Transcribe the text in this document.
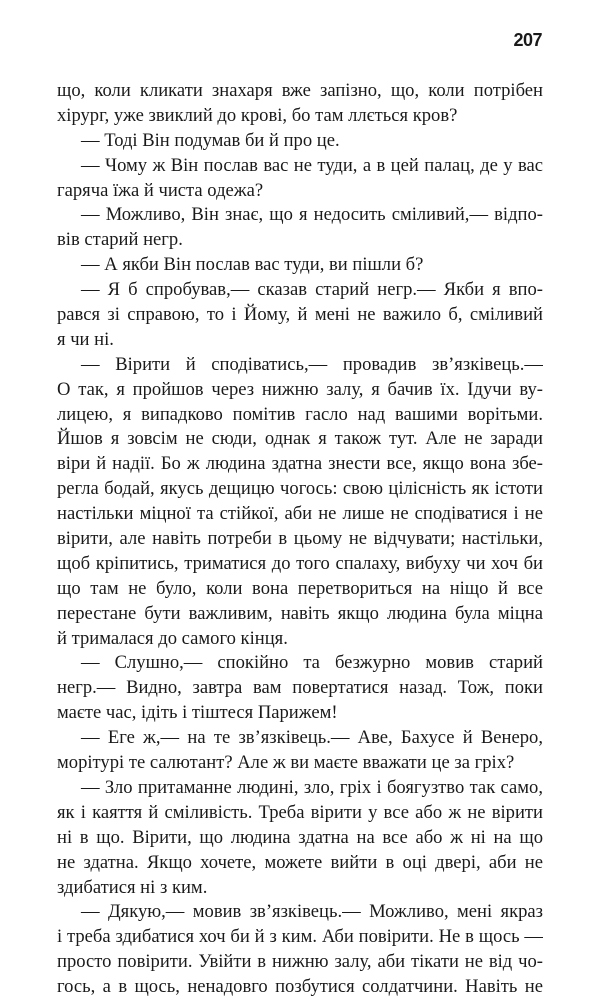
207
що, коли кликати знахаря вже запізно, що, коли потрібен
хірург, уже звиклий до крові, бо там ллється кров?
— Тоді Він подумав би й про це.
— Чому ж Він послав вас не туди, а в цей палац, де у вас
гаряча їжа й чиста одежа?
— Можливо, Він знає, що я недосить сміливий,— відпо-
вів старий негр.
— А якби Він послав вас туди, ви пішли б?
— Я б спробував,— сказав старий негр.— Якби я впо-
рався зі справою, то і Йому, й мені не важило б, сміливий
я чи ні.
— Вірити й сподіватись,— провадив зв’язківець.—
О так, я пройшов через нижню залу, я бачив їх. Ідучи ву-
лицею, я випадково помітив гасло над вашими ворітьми.
Йшов я зовсім не сюди, однак я також тут. Але не заради
віри й надії. Бо ж людина здатна знести все, якщо вона збе-
регла бодай, якусь дещицю чогось: свою цілісність як істоти
настільки міцної та стійкої, аби не лише не сподіватися і не
вірити, але навіть потреби в цьому не відчувати; настільки,
щоб кріпитись, триматися до того спалаху, вибуху чи хоч би
що там не було, коли вона перетвориться на ніщо й все
перестане бути важливим, навіть якщо людина була міцна
й трималася до самого кінця.
— Слушно,— спокійно та безжурно мовив старий
негр.— Видно, завтра вам повертатися назад. Тож, поки
маєте час, ідіть і тіштеся Парижем!
— Еге ж,— на те зв’язківець.— Аве, Бахусе й Венеро,
морітурі те салютант? Але ж ви маєте вважати це за гріх?
— Зло притаманне людині, зло, гріх і боягузтво так само,
як і каяття й сміливість. Треба вірити у все або ж не вірити
ні в що. Вірити, що людина здатна на все або ж ні на що
не здатна. Якщо хочете, можете вийти в оці двері, аби не
здибатися ні з ким.
— Дякую,— мовив зв’язківець.— Можливо, мені якраз
і треба здибатися хоч би й з ким. Аби повірити. Не в щось —
просто повірити. Увійти в нижню залу, аби тікати не від чо-
гось, а в щось, ненадовго позбутися солдатчини. Навіть не
